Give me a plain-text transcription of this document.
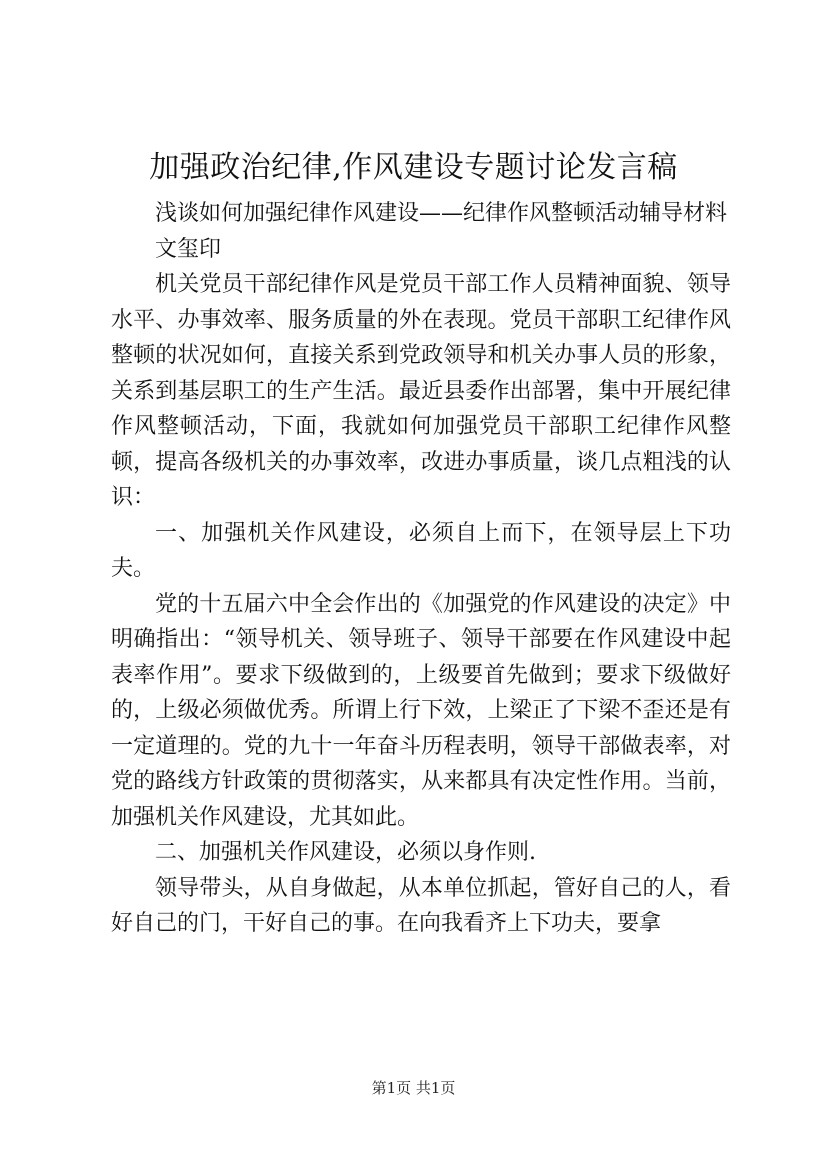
加强政治纪律,作风建设专题讨论发言稿

浅谈如何加强纪律作风建设——纪律作风整顿活动辅导材料

文玺印

机关党员干部纪律作风是党员干部工作人员精神面貌、领导水平、办事效率、服务质量的外在表现。党员干部职工纪律作风整顿的状况如何，直接关系到党政领导和机关办事人员的形象，关系到基层职工的生产生活。最近县委作出部署，集中开展纪律作风整顿活动，下面，我就如何加强党员干部职工纪律作风整顿，提高各级机关的办事效率，改进办事质量，谈几点粗浅的认识：

一、加强机关作风建设，必须自上而下，在领导层上下功夫。

党的十五届六中全会作出的《加强党的作风建设的决定》中明确指出：“领导机关、领导班子、领导干部要在作风建设中起表率作用”。要求下级做到的，上级要首先做到；要求下级做好的，上级必须做优秀。所谓上行下效，上梁正了下梁不歪还是有一定道理的。党的九十一年奋斗历程表明，领导干部做表率，对党的路线方针政策的贯彻落实，从来都具有决定性作用。当前，加强机关作风建设，尤其如此。

二、加强机关作风建设，必须以身作则.

领导带头，从自身做起，从本单位抓起，管好自己的人，看好自己的门，干好自己的事。在向我看齐上下功夫，要拿

第1页 共1页
